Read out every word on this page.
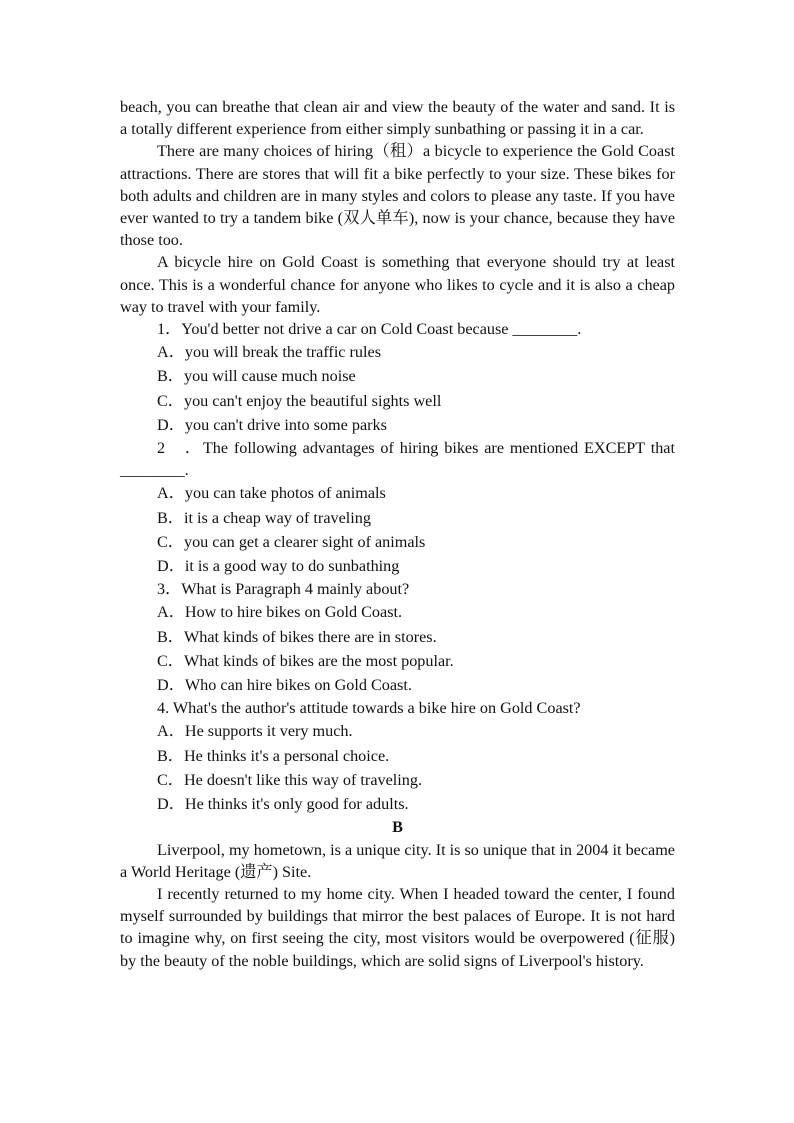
beach, you can breathe that clean air and view the beauty of the water and sand. It is a totally different experience from either simply sunbathing or passing it in a car.

There are many choices of hiring（租）a bicycle to experience the Gold Coast attractions. There are stores that will fit a bike perfectly to your size. These bikes for both adults and children are in many styles and colors to please any taste. If you have ever wanted to try a tandem bike (双人单车), now is your chance, because they have those too.

A bicycle hire on Gold Coast is something that everyone should try at least once. This is a wonderful chance for anyone who likes to cycle and it is also a cheap way to travel with your family.

1．You'd better not drive a car on Cold Coast because ________.

A．you will break the traffic rules

B．you will cause much noise

C．you can't enjoy the beautiful sights well

D．you can't drive into some parks

2　．The following advantages of hiring bikes are mentioned EXCEPT that ________.

A．you can take photos of animals

B．it is a cheap way of traveling

C．you can get a clearer sight of animals

D．it is a good way to do sunbathing

3．What is Paragraph 4 mainly about?

A．How to hire bikes on Gold Coast.

B．What kinds of bikes there are in stores.

C．What kinds of bikes are the most popular.

D．Who can hire bikes on Gold Coast.

4. What's the author's attitude towards a bike hire on Gold Coast?

A．He supports it very much.

B．He thinks it's a personal choice.

C．He doesn't like this way of traveling.

D．He thinks it's only good for adults.

B

Liverpool, my hometown, is a unique city. It is so unique that in 2004 it became a World Heritage (遗产) Site.

I recently returned to my home city. When I headed toward the center, I found myself surrounded by buildings that mirror the best palaces of Europe. It is not hard to imagine why, on first seeing the city, most visitors would be overpowered (征服) by the beauty of the noble buildings, which are solid signs of Liverpool's history.
